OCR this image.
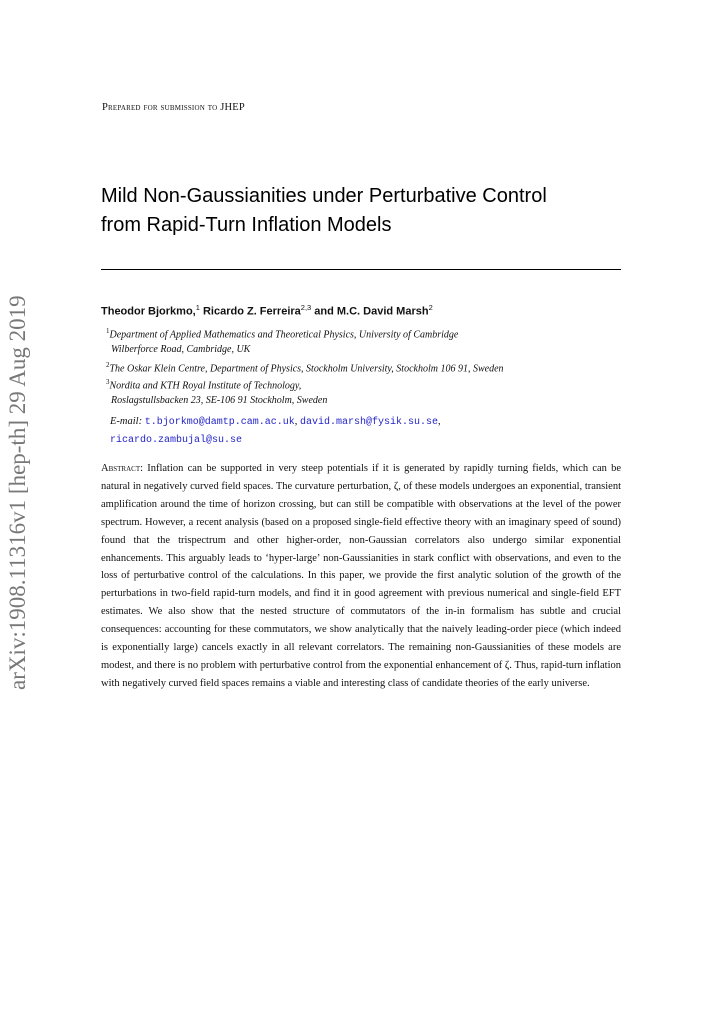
arXiv:1908.11316v1 [hep-th] 29 Aug 2019
Prepared for submission to JHEP
Mild Non-Gaussianities under Perturbative Control
from Rapid-Turn Inflation Models
Theodor Bjorkmo,$^1$ Ricardo Z. Ferreira$^{2,3}$ and M.C. David Marsh$^2$
$^1$Department of Applied Mathematics and Theoretical Physics, University of Cambridge
Wilberforce Road, Cambridge, UK
$^2$The Oskar Klein Centre, Department of Physics, Stockholm University, Stockholm 106 91, Sweden
$^3$Nordita and KTH Royal Institute of Technology,
Roslagstullsbacken 23, SE-106 91 Stockholm, Sweden
E-mail: t.bjorkmo@damtp.cam.ac.uk, david.marsh@fysik.su.se,
ricardo.zambujal@su.se
Abstract: Inflation can be supported in very steep potentials if it is generated by rapidly turning fields, which can be natural in negatively curved field spaces. The curvature perturbation, ζ, of these models undergoes an exponential, transient amplification around the time of horizon crossing, but can still be compatible with observations at the level of the power spectrum. However, a recent analysis (based on a proposed single-field effective theory with an imaginary speed of sound) found that the trispectrum and other higher-order, non-Gaussian correlators also undergo similar exponential enhancements. This arguably leads to ‘hyper-large’ non-Gaussianities in stark conflict with observations, and even to the loss of perturbative control of the calculations. In this paper, we provide the first analytic solution of the growth of the perturbations in two-field rapid-turn models, and find it in good agreement with previous numerical and single-field EFT estimates. We also show that the nested structure of commutators of the in-in formalism has subtle and crucial consequences: accounting for these commutators, we show analytically that the naively leading-order piece (which indeed is exponentially large) cancels exactly in all relevant correlators. The remaining non-Gaussianities of these models are modest, and there is no problem with perturbative control from the exponential enhancement of ζ. Thus, rapid-turn inflation with negatively curved field spaces remains a viable and interesting class of candidate theories of the early universe.
